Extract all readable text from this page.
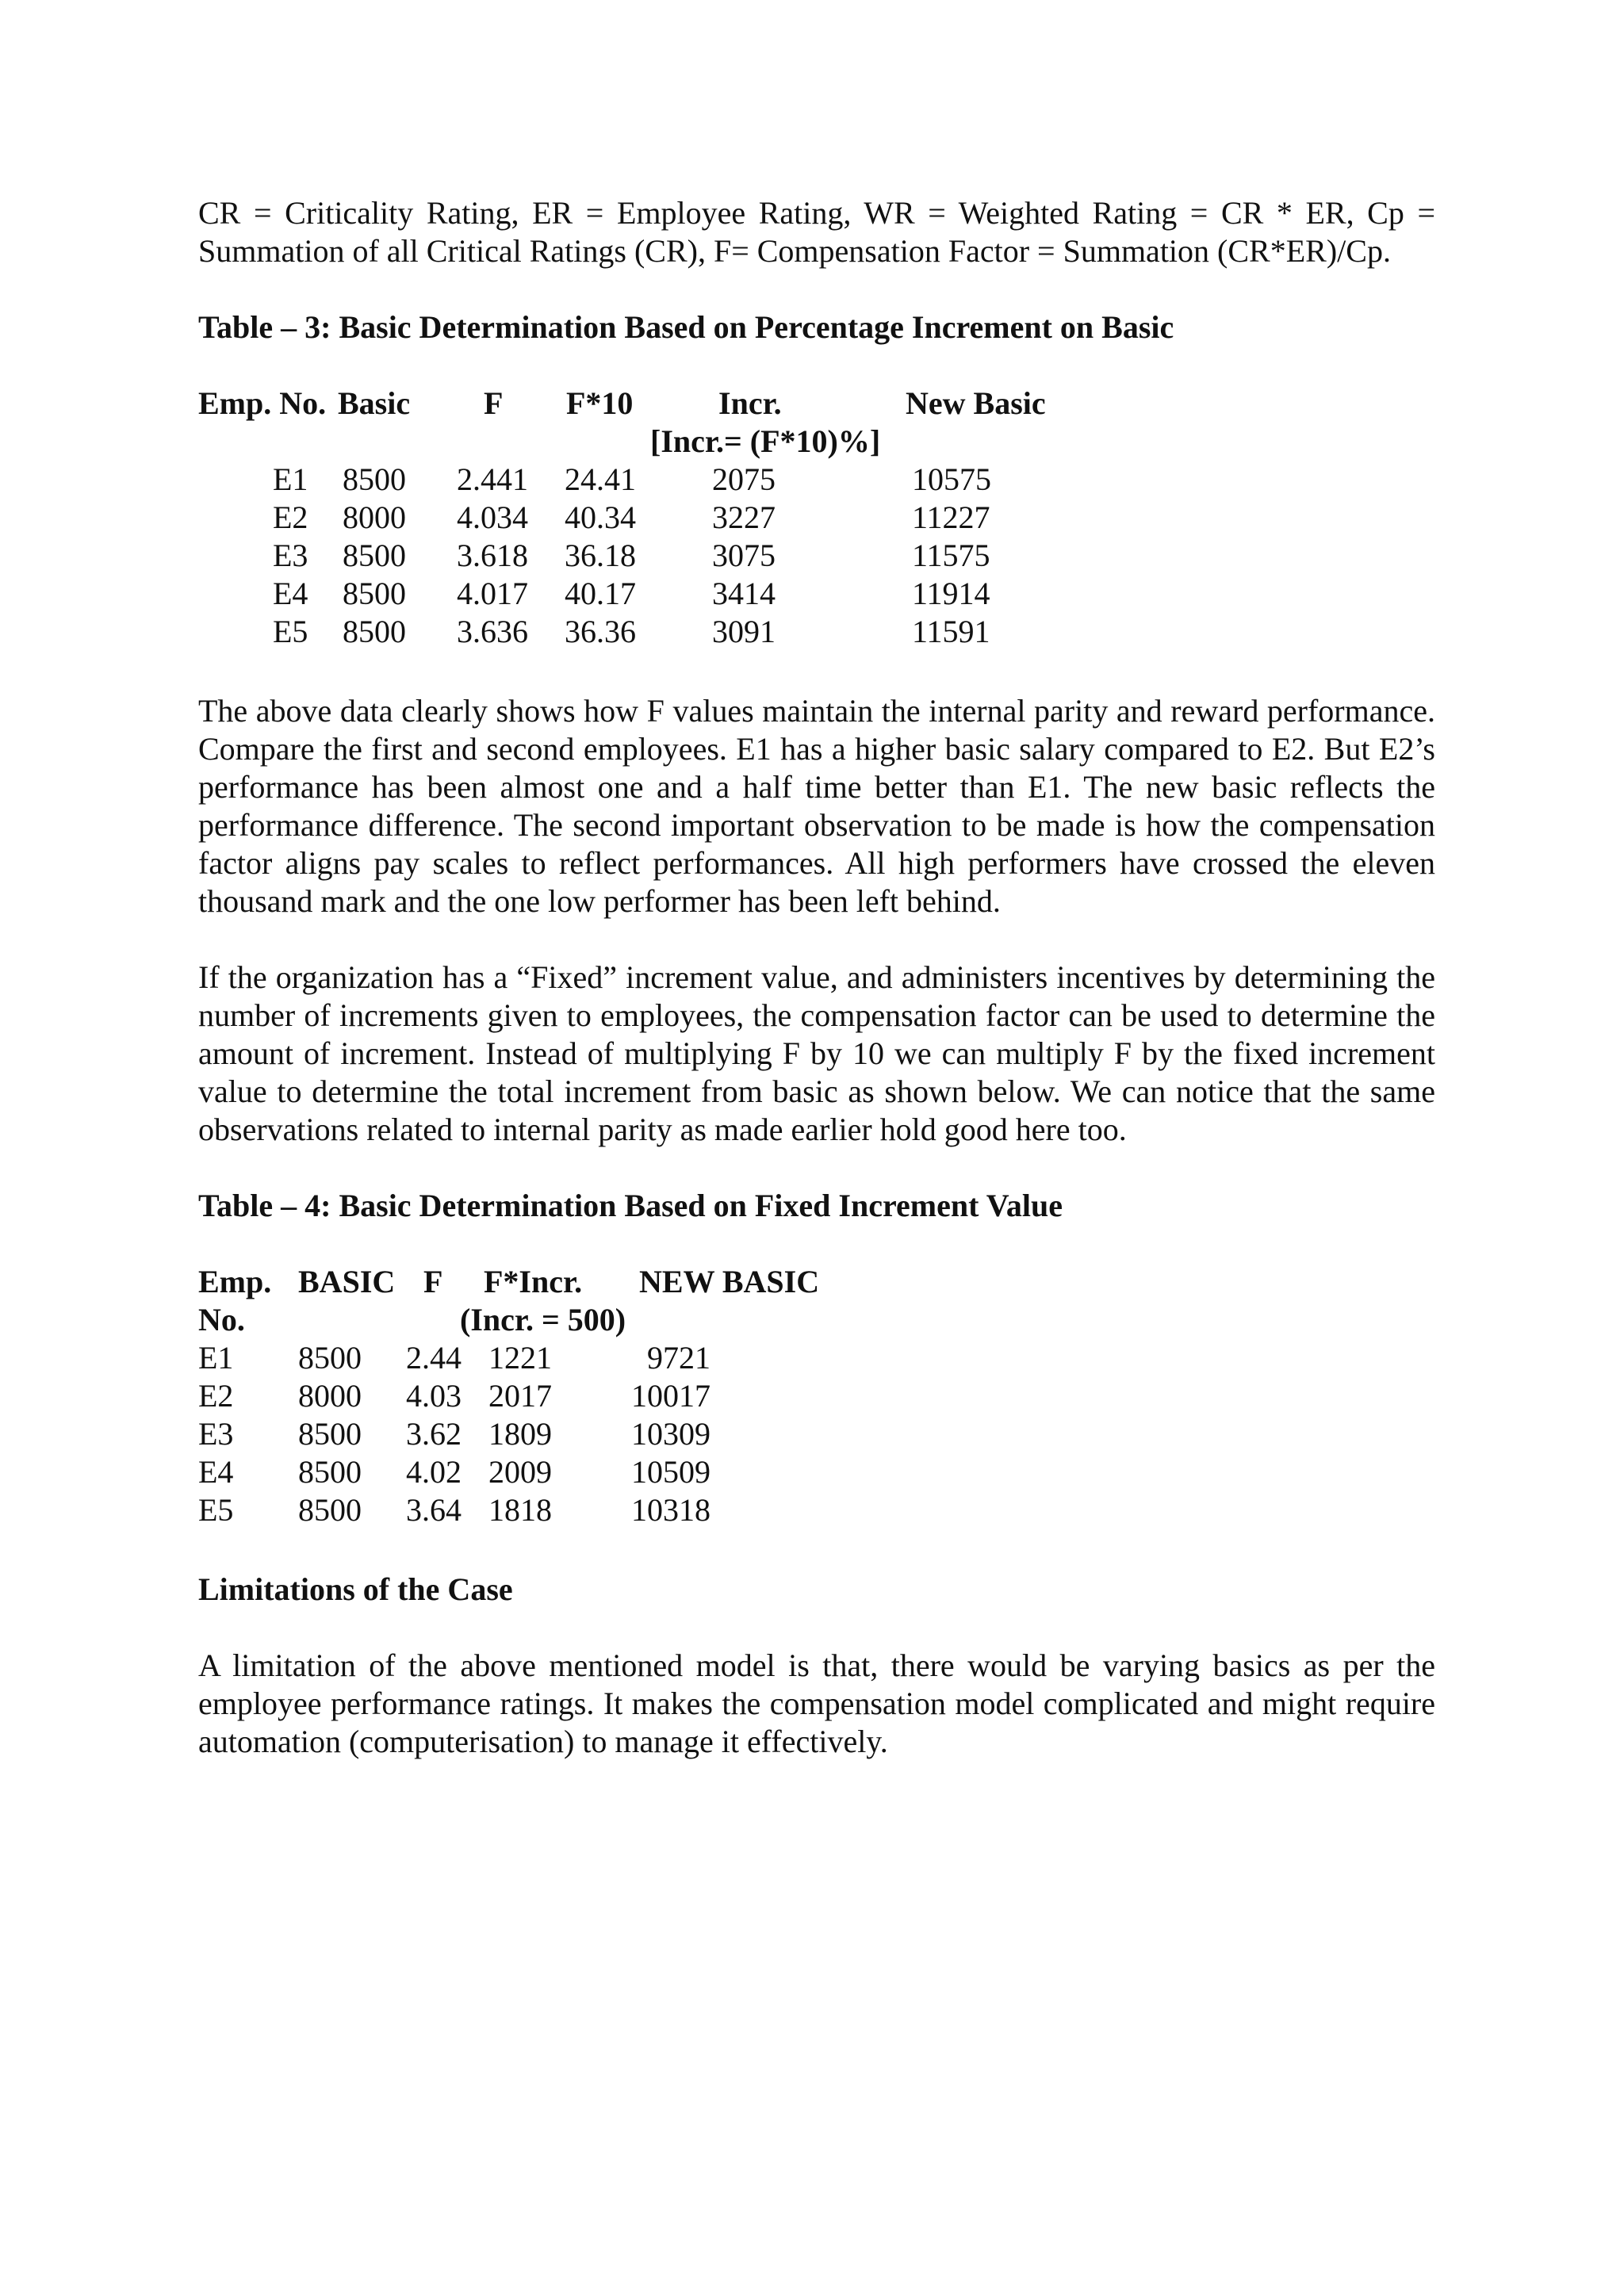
CR = Criticality Rating, ER = Employee Rating, WR = Weighted Rating = CR * ER, Cp = Summation of all Critical Ratings (CR), F= Compensation Factor = Summation (CR*ER)/Cp.

Table – 3: Basic Determination Based on Percentage Increment on Basic

Emp. No. Basic F F*10	Incr.	New Basic
[Incr.= (F*10)%]
E1 8500 2.441 24.41 2075	10575
E2 8000 4.034 40.34 3227	11227
E3 8500 3.618 36.18 3075	11575
E4 8500 4.017 40.17 3414	11914
E5 8500 3.636 36.36 3091	11591

The above data clearly shows how F values maintain the internal parity and reward performance. Compare the first and second employees. E1 has a higher basic salary compared to E2. But E2’s performance has been almost one and a half time better than E1. The new basic reflects the performance difference. The second important observation to be made is how the compensation factor aligns pay scales to reflect performances. All high performers have crossed the eleven thousand mark and the one low performer has been left behind.

If the organization has a “Fixed” increment value, and administers incentives by determining the number of increments given to employees, the compensation factor can be used to determine the amount of increment. Instead of multiplying F by 10 we can multiply F by the fixed increment value to determine the total increment from basic as shown below. We can notice that the same observations related to internal parity as made earlier hold good here too.

Table – 4: Basic Determination Based on Fixed Increment Value

Emp. BASIC F F*Incr. NEW BASIC
No.	(Incr. = 500)
E1 8500 2.44 1221	9721
E2 8000 4.03 2017	10017
E3 8500 3.62 1809	10309
E4 8500 4.02 2009	10509
E5 8500 3.64 1818	10318

Limitations of the Case

A limitation of the above mentioned model is that, there would be varying basics as per the employee performance ratings. It makes the compensation model complicated and might require automation (computerisation) to manage it effectively.
